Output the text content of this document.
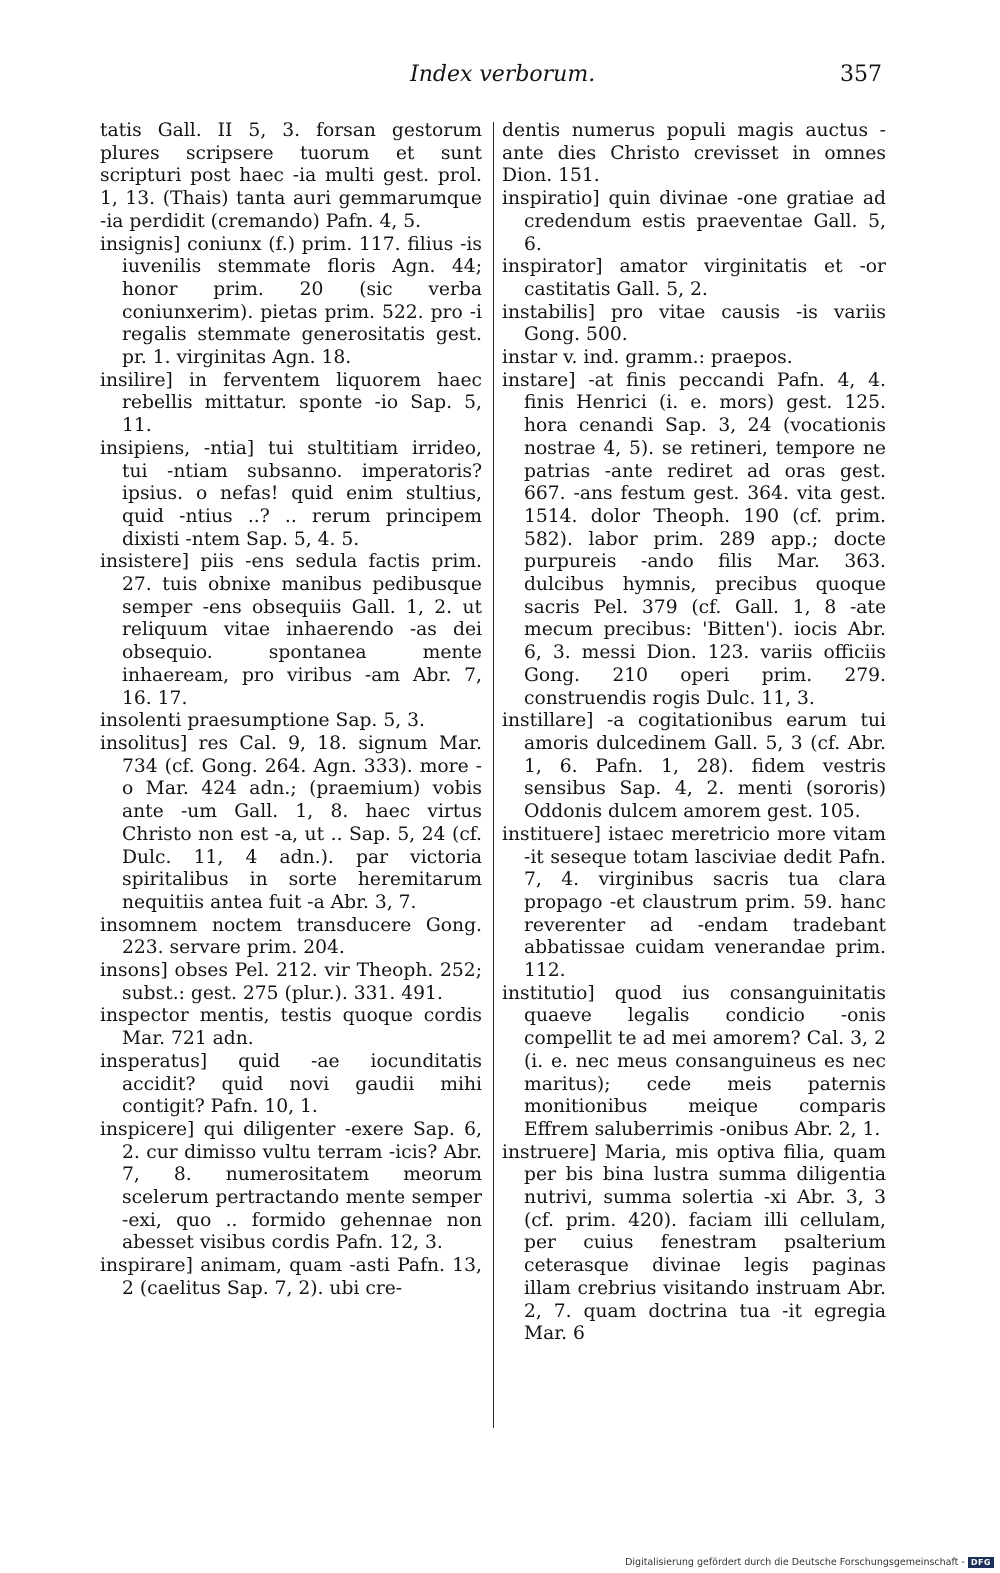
Index verborum.	357

tatis Gall. II 5, 3. forsan gestorum plures scripsere tuorum et sunt scripturi post haec -ia multi gest. prol. 1, 13. (Thais) tanta auri gemmarumque -ia perdidit (cremando) Pafn. 4, 5.

insignis] coniunx (f.) prim. 117. filius -is iuvenilis stemmate floris Agn. 44; honor prim. 20 (sic verba coniunxerim). pietas prim. 522. pro -i regalis stemmate generositatis gest. pr. 1. virginitas Agn. 18.

insilire] in ferventem liquorem haec rebellis mittatur. sponte -io Sap. 5, 11.

insipiens, -ntia] tui stultitiam irrideo, tui -ntiam subsanno. imperatoris? ipsius. o nefas! quid enim stultius, quid -ntius ..? .. rerum principem dixisti -ntem Sap. 5, 4. 5.

insistere] piis -ens sedula factis prim. 27. tuis obnixe manibus pedibusque semper -ens obsequiis Gall. 1, 2. ut reliquum vitae inhaerendo -as dei obsequio. spontanea mente inhaeream, pro viribus -am Abr. 7, 16. 17.

insolenti praesumptione Sap. 5, 3.

insolitus] res Cal. 9, 18. signum Mar. 734 (cf. Gong. 264. Agn. 333). more -o Mar. 424 adn.; (praemium) vobis ante -um Gall. 1, 8. haec virtus Christo non est -a, ut .. Sap. 5, 24 (cf. Dulc. 11, 4 adn.). par victoria spiritalibus in sorte heremitarum nequitiis antea fuit -a Abr. 3, 7.

insomnem noctem transducere Gong. 223. servare prim. 204.

insons] obses Pel. 212. vir Theoph. 252; subst.: gest. 275 (plur.). 331. 491.

inspector mentis, testis quoque cordis Mar. 721 adn.

insperatus] quid -ae iocunditatis accidit? quid novi gaudii mihi contigit? Pafn. 10, 1.

inspicere] qui diligenter -exere Sap. 6, 2. cur dimisso vultu terram -icis? Abr. 7, 8. numerositatem meorum scelerum pertractando mente semper -exi, quo .. formido gehennae non abesset visibus cordis Pafn. 12, 3.

inspirare] animam, quam -asti Pafn. 13, 2 (caelitus Sap. 7, 2). ubi cre-

dentis numerus populi magis auctus -ante dies Christo crevisset in omnes Dion. 151.

inspiratio] quin divinae -one gratiae ad credendum estis praeventae Gall. 5, 6.

inspirator] amator virginitatis et -or castitatis Gall. 5, 2.

instabilis] pro vitae causis -is variis Gong. 500.

instar v. ind. gramm.: praepos.

instare] -at finis peccandi Pafn. 4, 4. finis Henrici (i. e. mors) gest. 125. hora cenandi Sap. 3, 24 (vocationis nostrae 4, 5). se retineri, tempore ne patrias -ante rediret ad oras gest. 667. -ans festum gest. 364. vita gest. 1514. dolor Theoph. 190 (cf. prim. 582). labor prim. 289 app.; docte purpureis -ando filis Mar. 363. dulcibus hymnis, precibus quoque sacris Pel. 379 (cf. Gall. 1, 8 -ate mecum precibus: 'Bitten'). iocis Abr. 6, 3. messi Dion. 123. variis officiis Gong. 210 operi prim. 279. construendis rogis Dulc. 11, 3.

instillare] -a cogitationibus earum tui amoris dulcedinem Gall. 5, 3 (cf. Abr. 1, 6. Pafn. 1, 28). fidem vestris sensibus Sap. 4, 2. menti (sororis) Oddonis dulcem amorem gest. 105.

instituere] istaec meretricio more vitam -it seseque totam lasciviae dedit Pafn. 7, 4. virginibus sacris tua clara propago -et claustrum prim. 59. hanc reverenter ad -endam tradebant abbatissae cuidam venerandae prim. 112.

institutio] quod ius consanguinitatis quaeve legalis condicio -onis compellit te ad mei amorem? Cal. 3, 2 (i. e. nec meus consanguineus es nec maritus); cede meis paternis monitionibus meique comparis Effrem saluberrimis -onibus Abr. 2, 1.

instruere] Maria, mis optiva filia, quam per bis bina lustra summa diligentia nutrivi, summa solertia -xi Abr. 3, 3 (cf. prim. 420). faciam illi cellulam, per cuius fenestram psalterium ceterasque divinae legis paginas illam crebrius visitando instruam Abr. 2, 7. quam doctrina tua -it egregia Mar. 6

Digitalisierung gefördert durch die Deutsche Forschungsgemeinschaft - DFG
